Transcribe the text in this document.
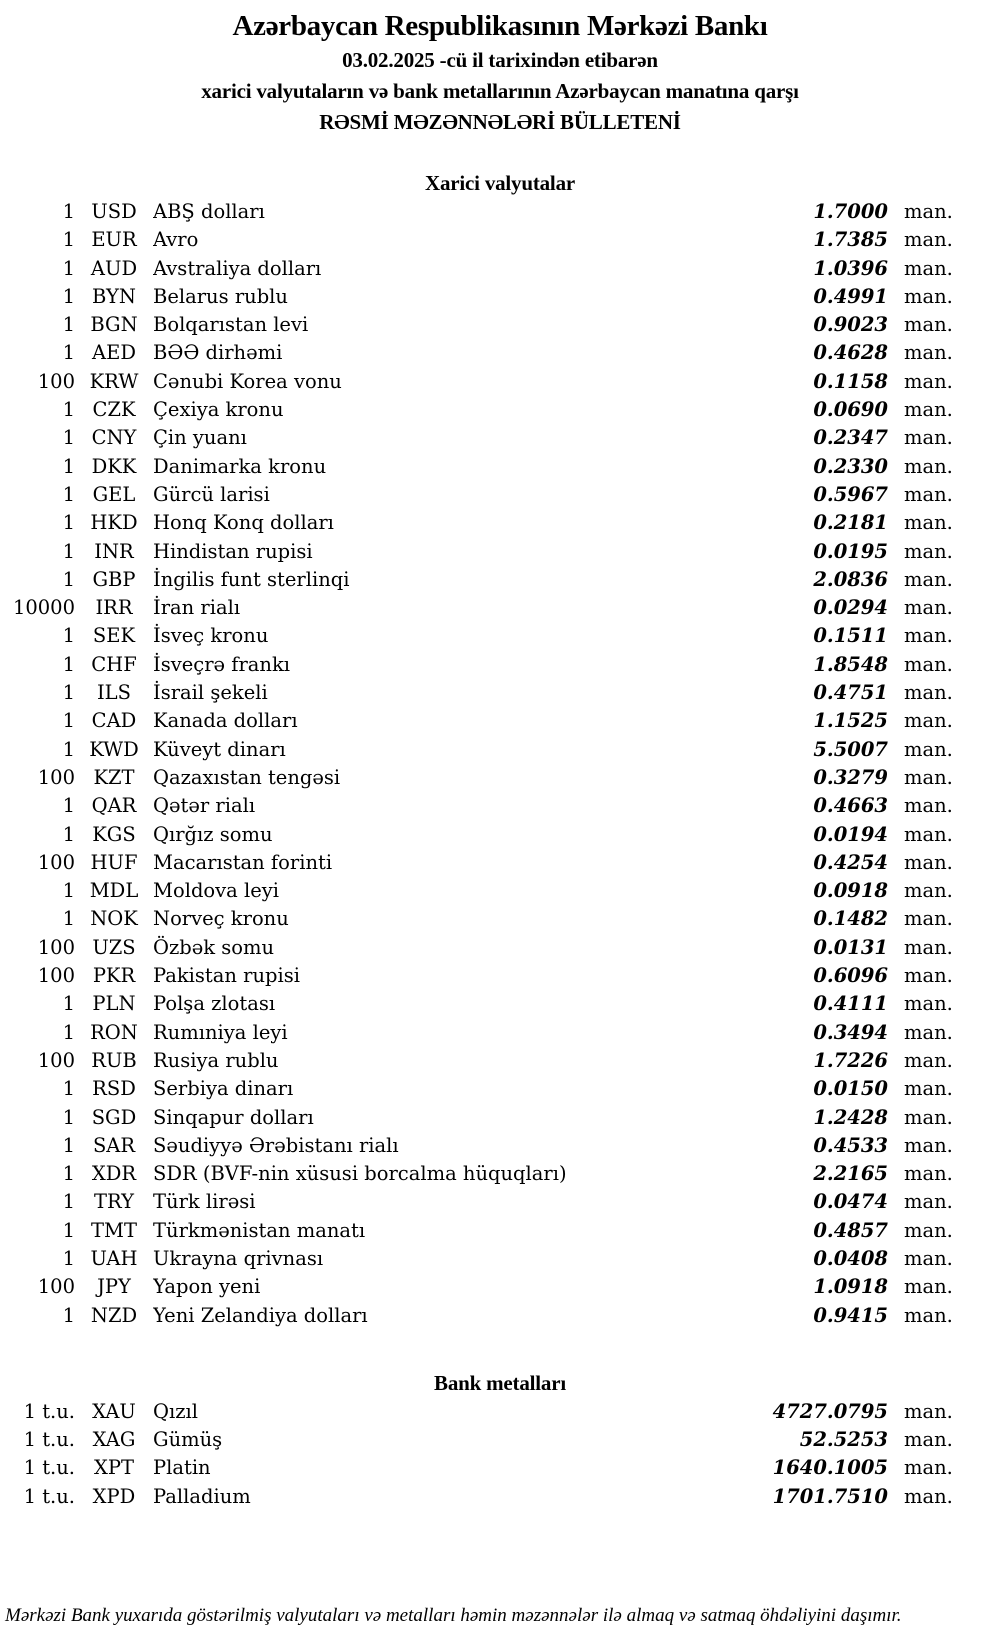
Azərbaycan Respublikasının Mərkəzi Bankı
03.02.2025 -cü il tarixindən etibarən
xarici valyutaların və bank metallarının Azərbaycan manatına qarşı
RƏSMİ MƏZƏNNƏLƏRİ BÜLLETENİ
Xarici valyutalar
1 USD ABŞ dolları	1.7000 man.
1 EUR Avro	1.7385 man.
1 AUD Avstraliya dolları	1.0396 man.
1 BYN Belarus rublu	0.4991 man.
1 BGN Bolqarıstan levi	0.9023 man.
1 AED BƏƏ dirhəmi	0.4628 man.
100 KRW Cənubi Korea vonu	0.1158 man.
1 CZK Çexiya kronu	0.0690 man.
1 CNY Çin yuanı	0.2347 man.
1 DKK Danimarka kronu	0.2330 man.
1 GEL Gürcü larisi	0.5967 man.
1 HKD Honq Konq dolları	0.2181 man.
1 INR Hindistan rupisi	0.0195 man.
1 GBP İngilis funt sterlinqi	2.0836 man.
10000	IRR	İran rialı	0.0294 man.
1 SEK İsveç kronu	0.1511 man.
1 CHF İsveçrə frankı	1.8548 man.
1	ILS	İsrail şekeli	0.4751 man.
1 CAD Kanada dolları	1.1525 man.
1 KWD Küveyt dinarı	5.5007 man.
100 KZT Qazaxıstan tengəsi	0.3279 man.
1 QAR Qətər rialı	0.4663 man.
1 KGS Qırğız somu	0.0194 man.
100 HUF Macarıstan forinti	0.4254 man.
1 MDL Moldova leyi	0.0918 man.
1 NOK Norveç kronu	0.1482 man.
100 UZS Özbək somu	0.0131 man.
100 PKR Pakistan rupisi	0.6096 man.
1 PLN Polşa zlotası	0.4111 man.
1 RON Rumıniya leyi	0.3494 man.
100 RUB Rusiya rublu	1.7226 man.
1 RSD Serbiya dinarı	0.0150 man.
1 SGD Sinqapur dolları	1.2428 man.
1 SAR Səudiyyə Ərəbistanı rialı	0.4533 man.
1 XDR SDR (BVF-nin xüsusi borcalma hüquqları)	2.2165 man.
1 TRY Türk lirəsi	0.0474 man.
1 TMT Türkmənistan manatı	0.4857 man.
1 UAH Ukrayna qrivnası	0.0408 man.
100	JPY	Yapon yeni	1.0918 man.
1 NZD Yeni Zelandiya dolları	0.9415 man.
Bank metalları
1 t.u. XAU Qızıl	4727.0795 man.
1 t.u. XAG Gümüş	52.5253 man.
1 t.u. XPT Platin	1640.1005 man.
1 t.u. XPD Palladium	1701.7510 man.
Mərkəzi Bank yuxarıda göstərilmiş valyutaları və metalları həmin məzənnələr ilə almaq və satmaq öhdəliyini daşımır.
